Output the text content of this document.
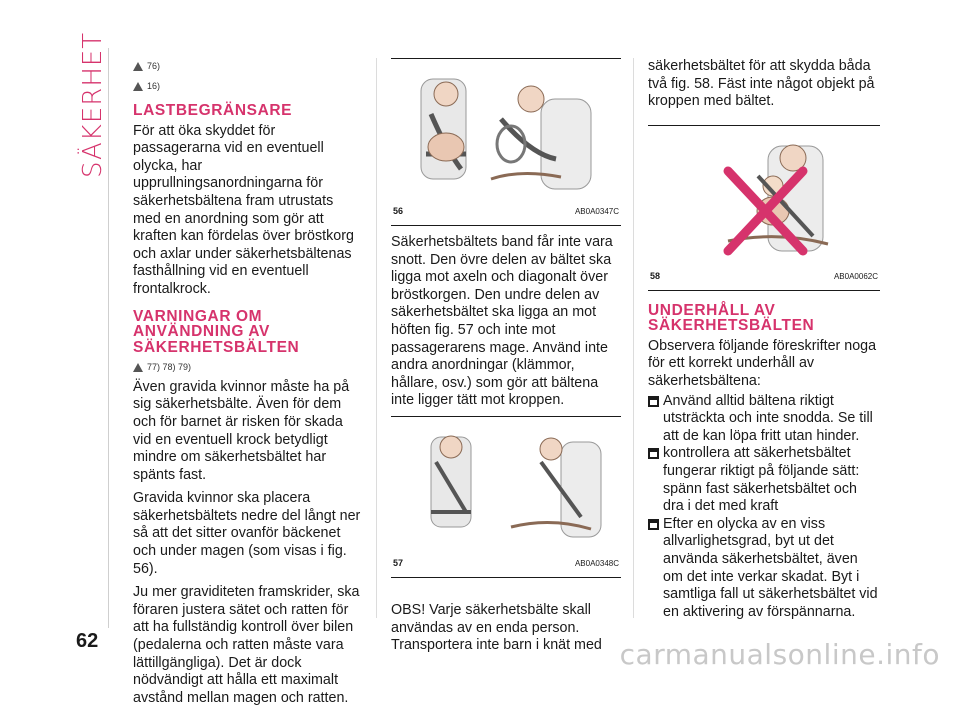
SÄKERHET
62
76)
16)
LASTBEGRÄNSARE

För att öka skyddet för passagerarna vid en eventuell olycka, har upprullningsanordningarna för säkerhetsbältena fram utrustats med en anordning som gör att kraften kan fördelas över bröstkorg och axlar under säkerhetsbältenas fasthållning vid en eventuell frontalkrock.

VARNINGAR OM ANVÄNDNING AV SÄKERHETSBÄLTEN
77) 78) 79)

Även gravida kvinnor måste ha på sig säkerhetsbälte. Även för dem och för barnet är risken för skada vid en eventuell krock betydligt mindre om säkerhetsbältet har spänts fast.

Gravida kvinnor ska placera säkerhetsbältets nedre del långt ner så att det sitter ovanför bäckenet och under magen (som visas i fig. 56).

Ju mer graviditeten framskrider, ska föraren justera sätet och ratten för att ha fullständig kontroll över bilen (pedalerna och ratten måste vara lättillgängliga). Det är dock nödvändigt att hålla ett maximalt avstånd mellan magen och ratten.

56	AB0A0347C

Säkerhetsbältets band får inte vara snott. Den övre delen av bältet ska ligga mot axeln och diagonalt över bröstkorgen. Den undre delen av säkerhetsbältet ska ligga an mot höften fig. 57 och inte mot passagerarens mage. Använd inte andra anordningar (klämmor, hållare, osv.) som gör att bältena inte ligger tätt mot kroppen.

57	AB0A0348C

OBS! Varje säkerhetsbälte skall användas av en enda person. Transportera inte barn i knät med

säkerhetsbältet för att skydda båda två fig. 58. Fäst inte något objekt på kroppen med bältet.

58	AB0A0062C
UNDERHÅLL AV SÄKERHETSBÄLTEN

Observera följande föreskrifter noga för ett korrekt underhåll av säkerhetsbältena:

Använd alltid bältena riktigt utsträckta och inte snodda. Se till att de kan löpa fritt utan hinder.
kontrollera att säkerhetsbältet fungerar riktigt på följande sätt: spänn fast säkerhetsbältet och dra i det med kraft
Efter en olycka av en viss allvarlighetsgrad, byt ut det använda säkerhetsbältet, även om det inte verkar skadat. Byt i samtliga fall ut säkerhetsbältet vid en aktivering av förspännarna.
carmanualsonline.info
